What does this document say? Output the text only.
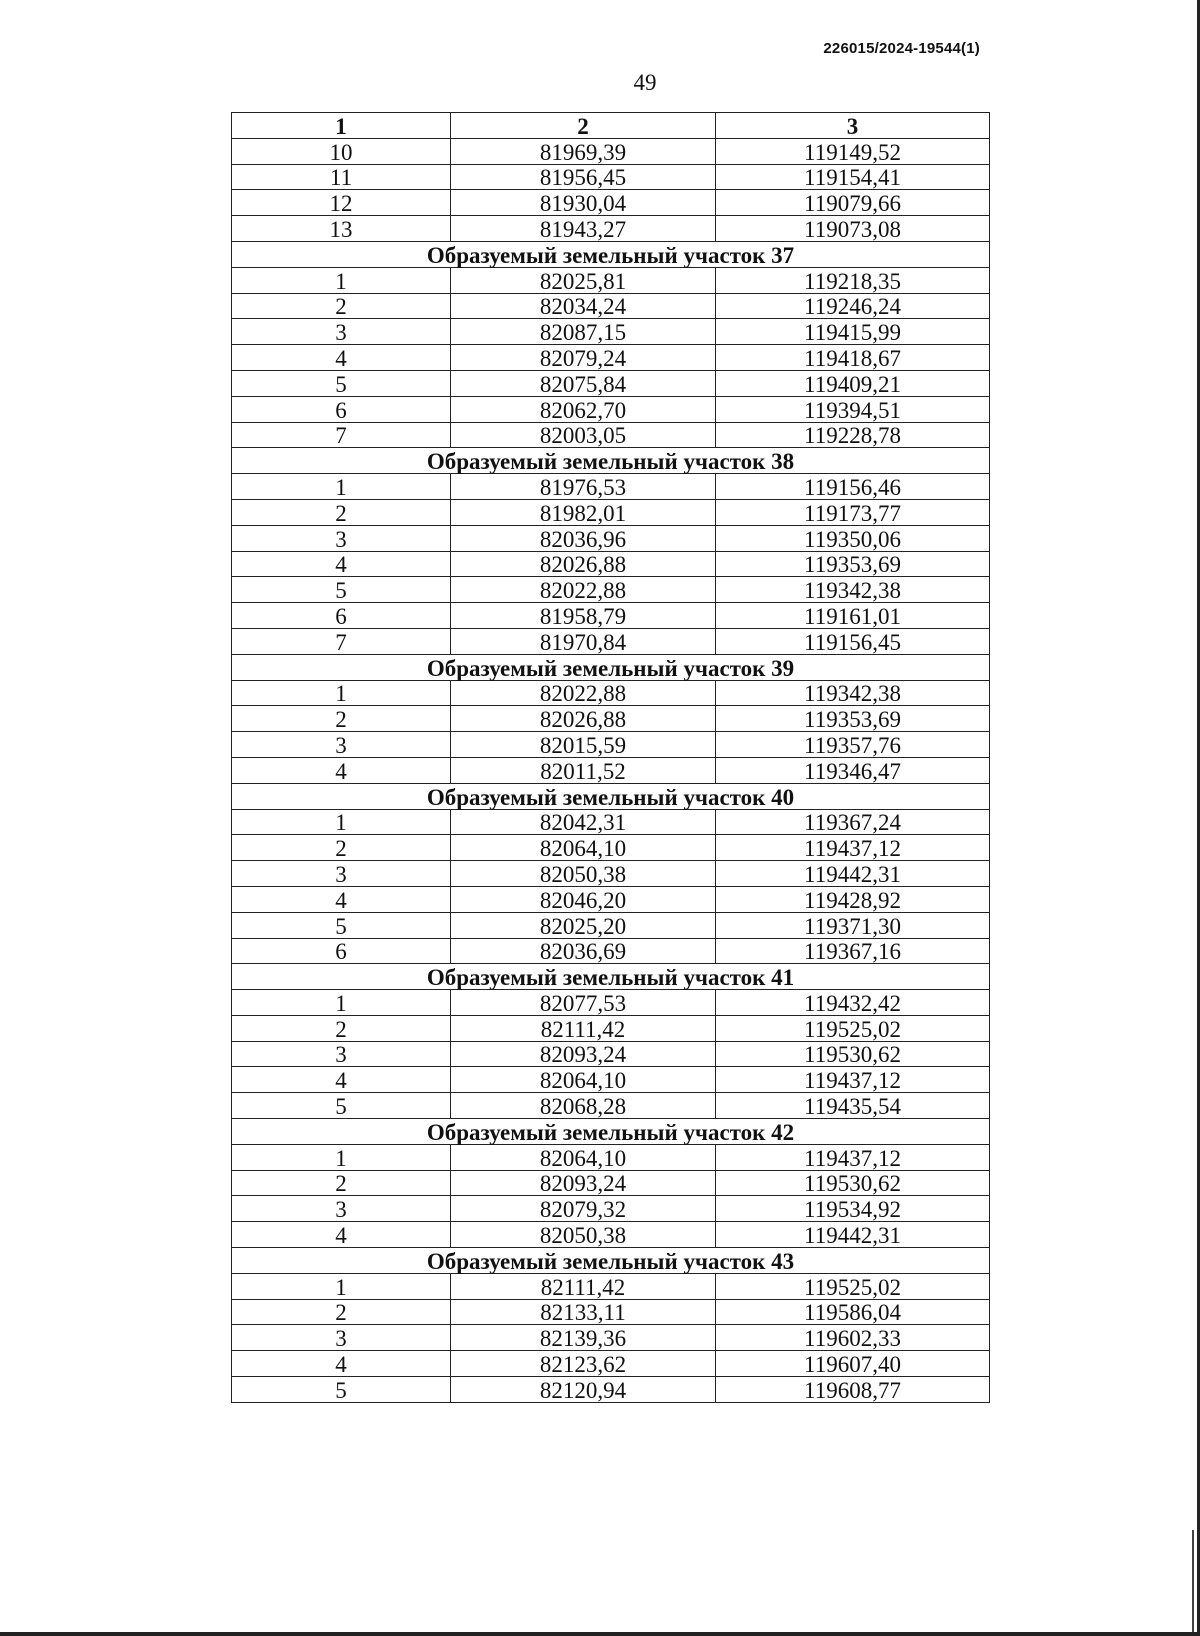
226015/2024-19544(1)
49
1	2	3
10	81969,39	119149,52
11	81956,45	119154,41
12	81930,04	119079,66
13	81943,27	119073,08
Образуемый земельный участок 37		
1	82025,81	119218,35
2	82034,24	119246,24
3	82087,15	119415,99
4	82079,24	119418,67
5	82075,84	119409,21
6	82062,70	119394,51
7	82003,05	119228,78
Образуемый земельный участок 38		
1	81976,53	119156,46
2	81982,01	119173,77
3	82036,96	119350,06
4	82026,88	119353,69
5	82022,88	119342,38
6	81958,79	119161,01
7	81970,84	119156,45
Образуемый земельный участок 39		
1	82022,88	119342,38
2	82026,88	119353,69
3	82015,59	119357,76
4	82011,52	119346,47
Образуемый земельный участок 40		
1	82042,31	119367,24
2	82064,10	119437,12
3	82050,38	119442,31
4	82046,20	119428,92
5	82025,20	119371,30
6	82036,69	119367,16
Образуемый земельный участок 41		
1	82077,53	119432,42
2	82111,42	119525,02
3	82093,24	119530,62
4	82064,10	119437,12
5	82068,28	119435,54
Образуемый земельный участок 42		
1	82064,10	119437,12
2	82093,24	119530,62
3	82079,32	119534,92
4	82050,38	119442,31
Образуемый земельный участок 43		
1	82111,42	119525,02
2	82133,11	119586,04
3	82139,36	119602,33
4	82123,62	119607,40
5	82120,94	119608,77
